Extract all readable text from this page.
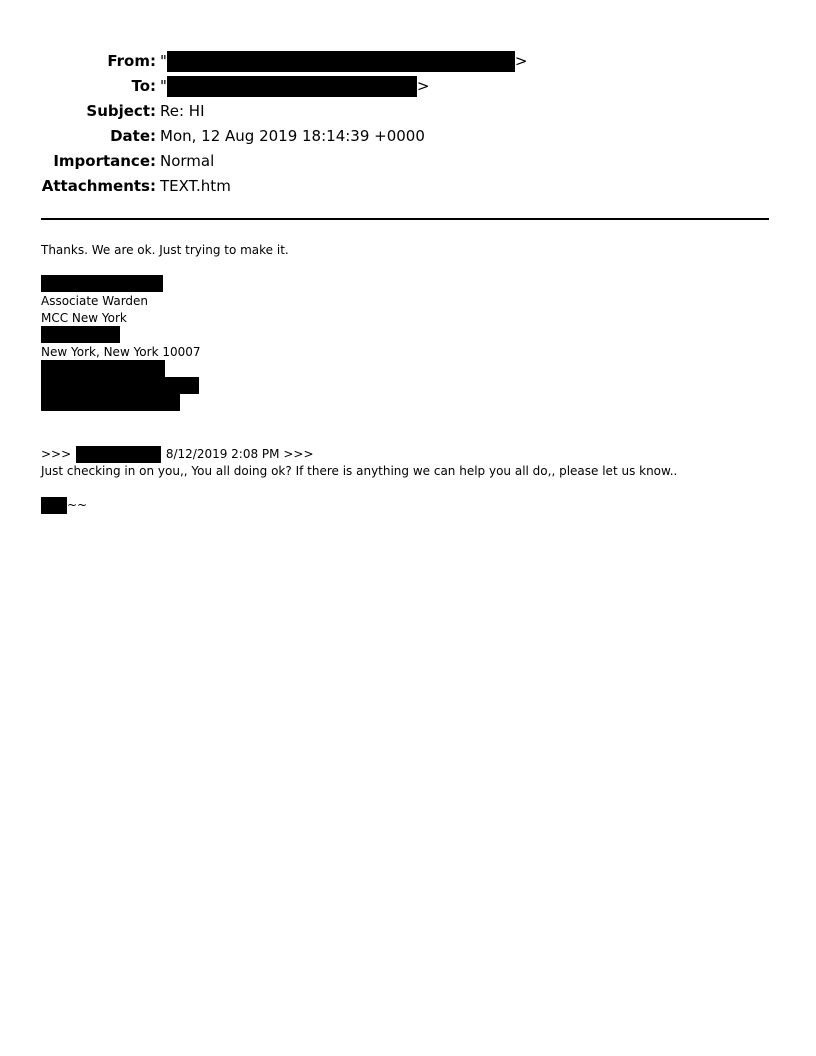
From:	" >
To:	" >
Subject:	Re: HI
Date:	Mon, 12 Aug 2019 18:14:39 +0000
Importance:	Normal
Attachments:	TEXT.htm
Thanks. We are ok. Just trying to make it.
Associate Warden
MCC New York
New York, New York 10007
>>>	8/12/2019 2:08 PM >>>
Just checking in on you,, You all doing ok? If there is anything we can help you all do,, please let us know..
~~
